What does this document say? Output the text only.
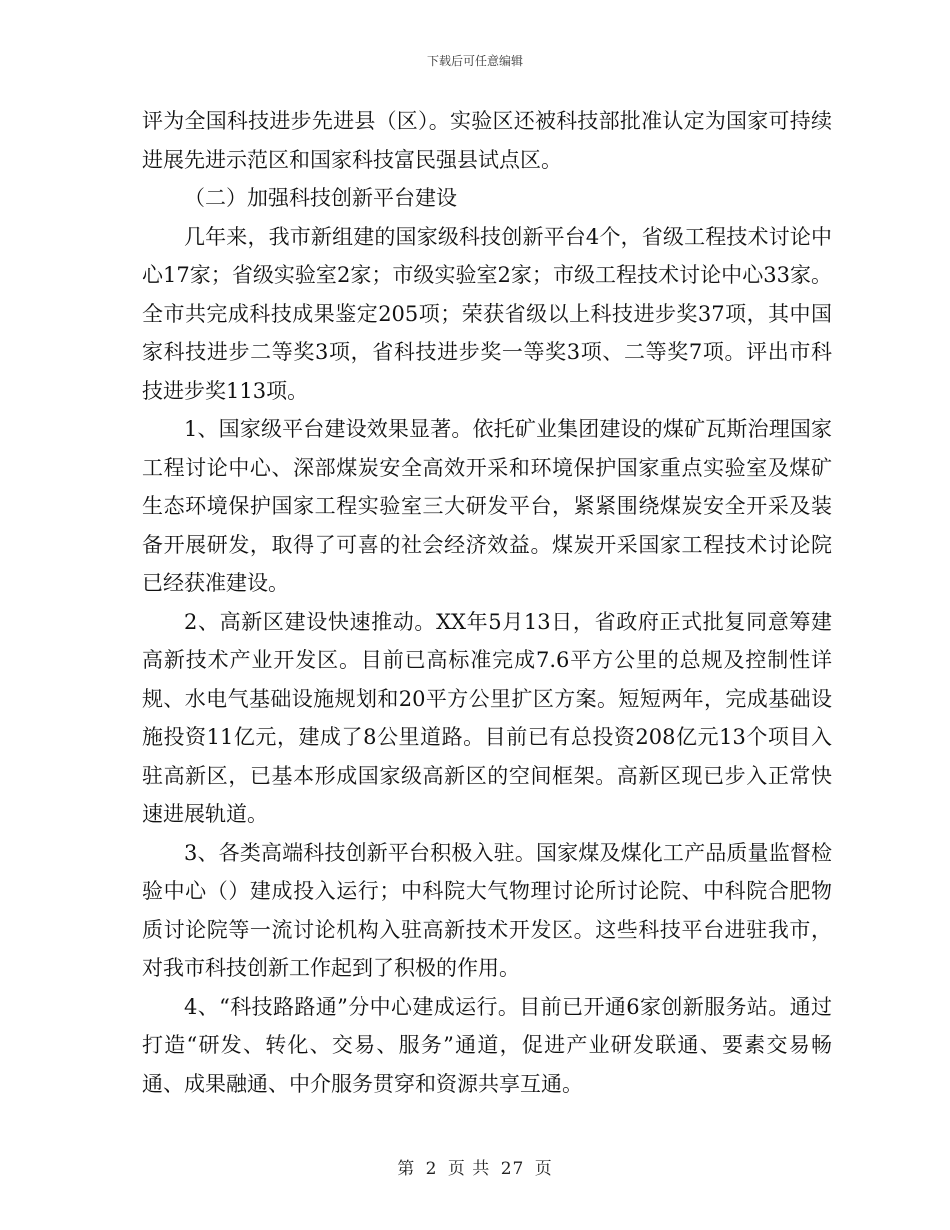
下载后可任意编辑

评为全国科技进步先进县（区）。实验区还被科技部批准认定为国家可持续进展先进示范区和国家科技富民强县试点区。

（二）加强科技创新平台建设

几年来，我市新组建的国家级科技创新平台4个，省级工程技术讨论中心17家；省级实验室2家；市级实验室2家；市级工程技术讨论中心33家。全市共完成科技成果鉴定205项；荣获省级以上科技进步奖37项，其中国家科技进步二等奖3项，省科技进步奖一等奖3项、二等奖7项。评出市科技进步奖113项。

1、国家级平台建设效果显著。依托矿业集团建设的煤矿瓦斯治理国家工程讨论中心、深部煤炭安全高效开采和环境保护国家重点实验室及煤矿生态环境保护国家工程实验室三大研发平台，紧紧围绕煤炭安全开采及装备开展研发，取得了可喜的社会经济效益。煤炭开采国家工程技术讨论院已经获准建设。

2、高新区建设快速推动。XX年5月13日，省政府正式批复同意筹建高新技术产业开发区。目前已高标准完成7.6平方公里的总规及控制性详规、水电气基础设施规划和20平方公里扩区方案。短短两年，完成基础设施投资11亿元，建成了8公里道路。目前已有总投资208亿元13个项目入驻高新区，已基本形成国家级高新区的空间框架。高新区现已步入正常快速进展轨道。

3、各类高端科技创新平台积极入驻。国家煤及煤化工产品质量监督检验中心（）建成投入运行；中科院大气物理讨论所讨论院、中科院合肥物质讨论院等一流讨论机构入驻高新技术开发区。这些科技平台进驻我市，对我市科技创新工作起到了积极的作用。

4、“科技路路通”分中心建成运行。目前已开通6家创新服务站。通过打造“研发、转化、交易、服务”通道，促进产业研发联通、要素交易畅通、成果融通、中介服务贯穿和资源共享互通。

第 2 页 共 27 页
